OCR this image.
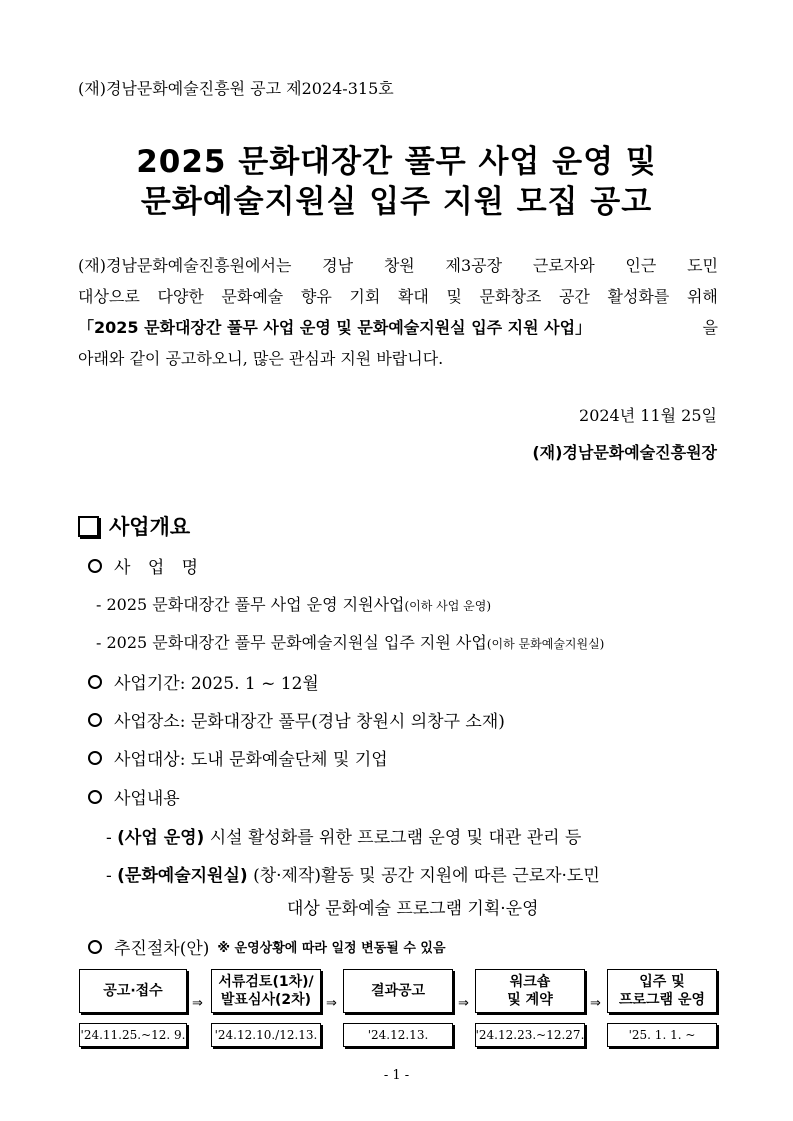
(재)경남문화예술진흥원 공고 제2024-315호
2025 문화대장간 풀무 사업 운영 및
문화예술지원실 입주 지원 모집 공고
(재)경남문화예술진흥원에서는 경남 창원 제3공장 근로자와 인근 도민
대상으로 다양한 문화예술 향유 기회 확대 및 문화창조 공간 활성화를 위해
「2025 문화대장간 풀무 사업 운영 및 문화예술지원실 입주 지원 사업」	을
아래와 같이 공고하오니, 많은 관심과 지원 바랍니다.
2024년 11월 25일
(재)경남문화예술진흥원장
사업개요
사 업 명
- 2025 문화대장간 풀무 사업 운영 지원사업(이하 사업 운영)
- 2025 문화대장간 풀무 문화예술지원실 입주 지원 사업(이하 문화예술지원실)
사업기간: 2025. 1 ~ 12월
사업장소: 문화대장간 풀무(경남 창원시 의창구 소재)
사업대상: 도내 문화예술단체 및 기업
사업내용
- (사업 운영) 시설 활성화를 위한 프로그램 운영 및 대관 관리 등
- (문화예술지원실) (창·제작)활동 및 공간 지원에 따른 근로자·도민
대상 문화예술 프로그램 기획·운영
추진절차(안) ※ 운영상황에 따라 일정 변동될 수 있음
공고·접수
'24.11.25.~12. 9.
⇒
서류검토(1차)/
발표심사(2차)
'24.12.10./12.13.
⇒
결과공고
'24.12.13.
⇒
워크숍
및 계약
'24.12.23.~12.27.
⇒
입주 및
프로그램 운영
'25. 1. 1. ~
- 1 -
